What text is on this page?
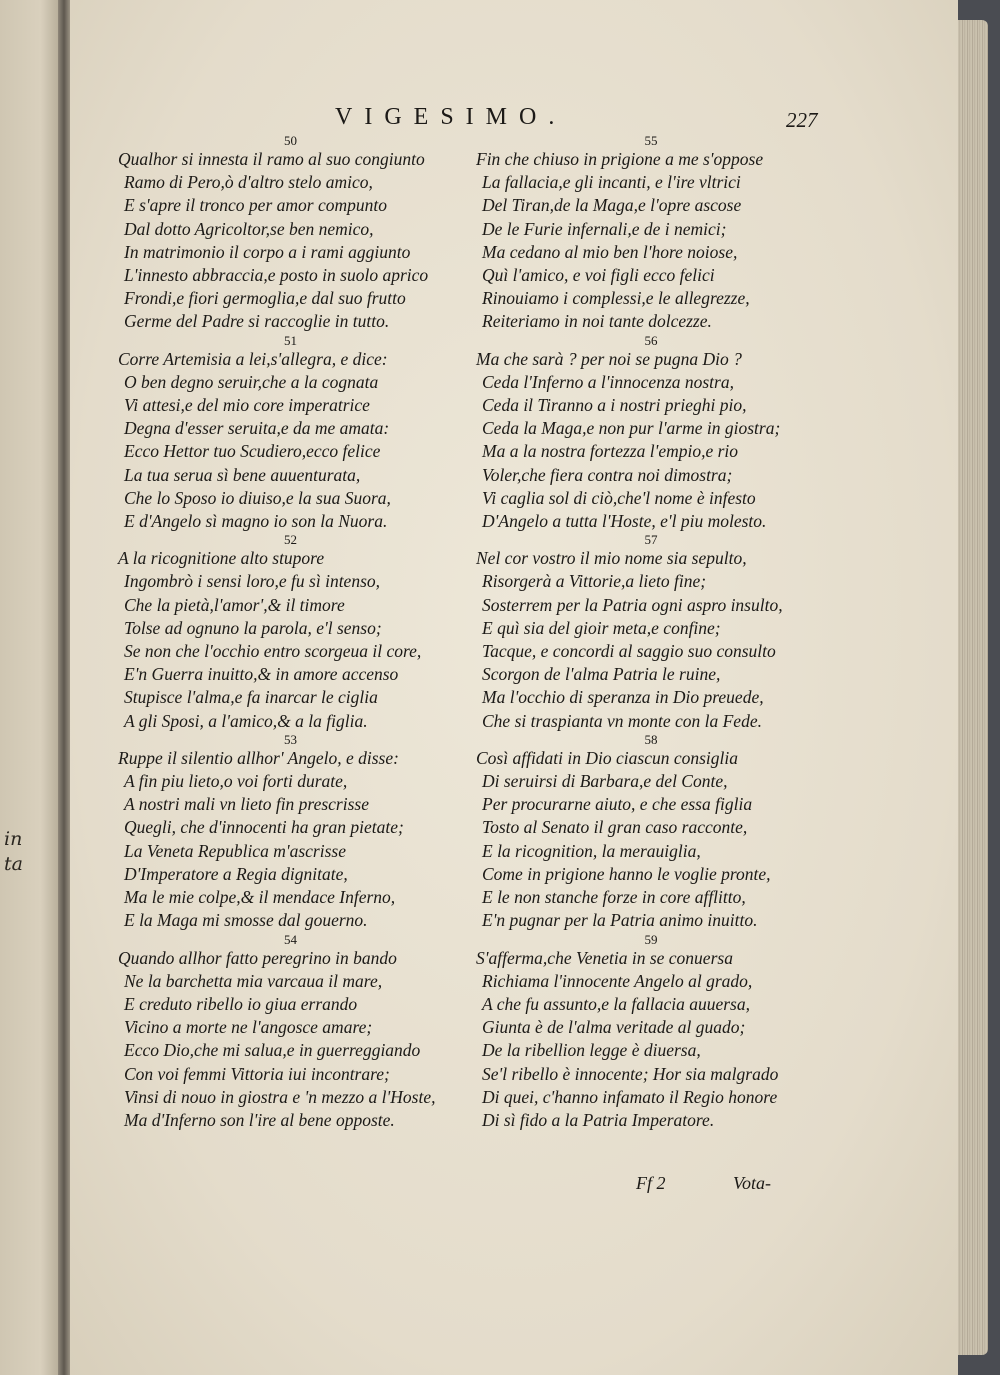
in
ta
VIGESIMO.	227
50
Qualhor si innesta il ramo al suo congiunto
Ramo di Pero,ò d'altro stelo amico,
E s'apre il tronco per amor compunto
Dal dotto Agricoltor,se ben nemico,
In matrimonio il corpo a i rami aggiunto
L'innesto abbraccia,e posto in suolo aprico
Frondi,e fiori germoglia,e dal suo frutto
Germe del Padre si raccoglie in tutto.
51
Corre Artemisia a lei,s'allegra, e dice:
O ben degno seruir,che a la cognata
Vi attesi,e del mio core imperatrice
Degna d'esser seruita,e da me amata:
Ecco Hettor tuo Scudiero,ecco felice
La tua serua sì bene auuenturata,
Che lo Sposo io diuiso,e la sua Suora,
E d'Angelo sì magno io son la Nuora.
52
A la ricognitione alto stupore
Ingombrò i sensi loro,e fu sì intenso,
Che la pietà,l'amor',& il timore
Tolse ad ognuno la parola, e'l senso;
Se non che l'occhio entro scorgeua il core,
E'n Guerra inuitto,& in amore accenso
Stupisce l'alma,e fa inarcar le ciglia
A gli Sposi, a l'amico,& a la figlia.
53
Ruppe il silentio allhor' Angelo, e disse:
A fin piu lieto,o voi forti durate,
A nostri mali vn lieto fin prescrisse
Quegli, che d'innocenti ha gran pietate;
La Veneta Republica m'ascrisse
D'Imperatore a Regia dignitate,
Ma le mie colpe,& il mendace Inferno,
E la Maga mi smosse dal gouerno.
54
Quando allhor fatto peregrino in bando
Ne la barchetta mia varcaua il mare,
E creduto ribello io giua errando
Vicino a morte ne l'angosce amare;
Ecco Dio,che mi salua,e in guerreggiando
Con voi femmi Vittoria iui incontrare;
Vinsi di nouo in giostra e 'n mezzo a l'Hoste,
Ma d'Inferno son l'ire al bene opposte.
55
Fin che chiuso in prigione a me s'oppose
La fallacia,e gli incanti, e l'ire vltrici
Del Tiran,de la Maga,e l'opre ascose
De le Furie infernali,e de i nemici;
Ma cedano al mio ben l'hore noiose,
Quì l'amico, e voi figli ecco felici
Rinouiamo i complessi,e le allegrezze,
Reiteriamo in noi tante dolcezze.
56
Ma che sarà ? per noi se pugna Dio ?
Ceda l'Inferno a l'innocenza nostra,
Ceda il Tiranno a i nostri prieghi pio,
Ceda la Maga,e non pur l'arme in giostra;
Ma a la nostra fortezza l'empio,e rio
Voler,che fiera contra noi dimostra;
Vi caglia sol di ciò,che'l nome è infesto
D'Angelo a tutta l'Hoste, e'l piu molesto.
57
Nel cor vostro il mio nome sia sepulto,
Risorgerà a Vittorie,a lieto fine;
Sosterrem per la Patria ogni aspro insulto,
E quì sia del gioir meta,e confine;
Tacque, e concordi al saggio suo consulto
Scorgon de l'alma Patria le ruine,
Ma l'occhio di speranza in Dio preuede,
Che si traspianta vn monte con la Fede.
58
Così affidati in Dio ciascun consiglia
Di seruirsi di Barbara,e del Conte,
Per procurarne aiuto, e che essa figlia
Tosto al Senato il gran caso racconte,
E la ricognition, la merauiglia,
Come in prigione hanno le voglie pronte,
E le non stanche forze in core afflitto,
E'n pugnar per la Patria animo inuitto.
59
S'afferma,che Venetia in se conuersa
Richiama l'innocente Angelo al grado,
A che fu assunto,e la fallacia auuersa,
Giunta è de l'alma veritade al guado;
De la ribellion legge è diuersa,
Se'l ribello è innocente; Hor sia malgrado
Di quei, c'hanno infamato il Regio honore
Di sì fido a la Patria Imperatore.
Ff 2	Vota-
